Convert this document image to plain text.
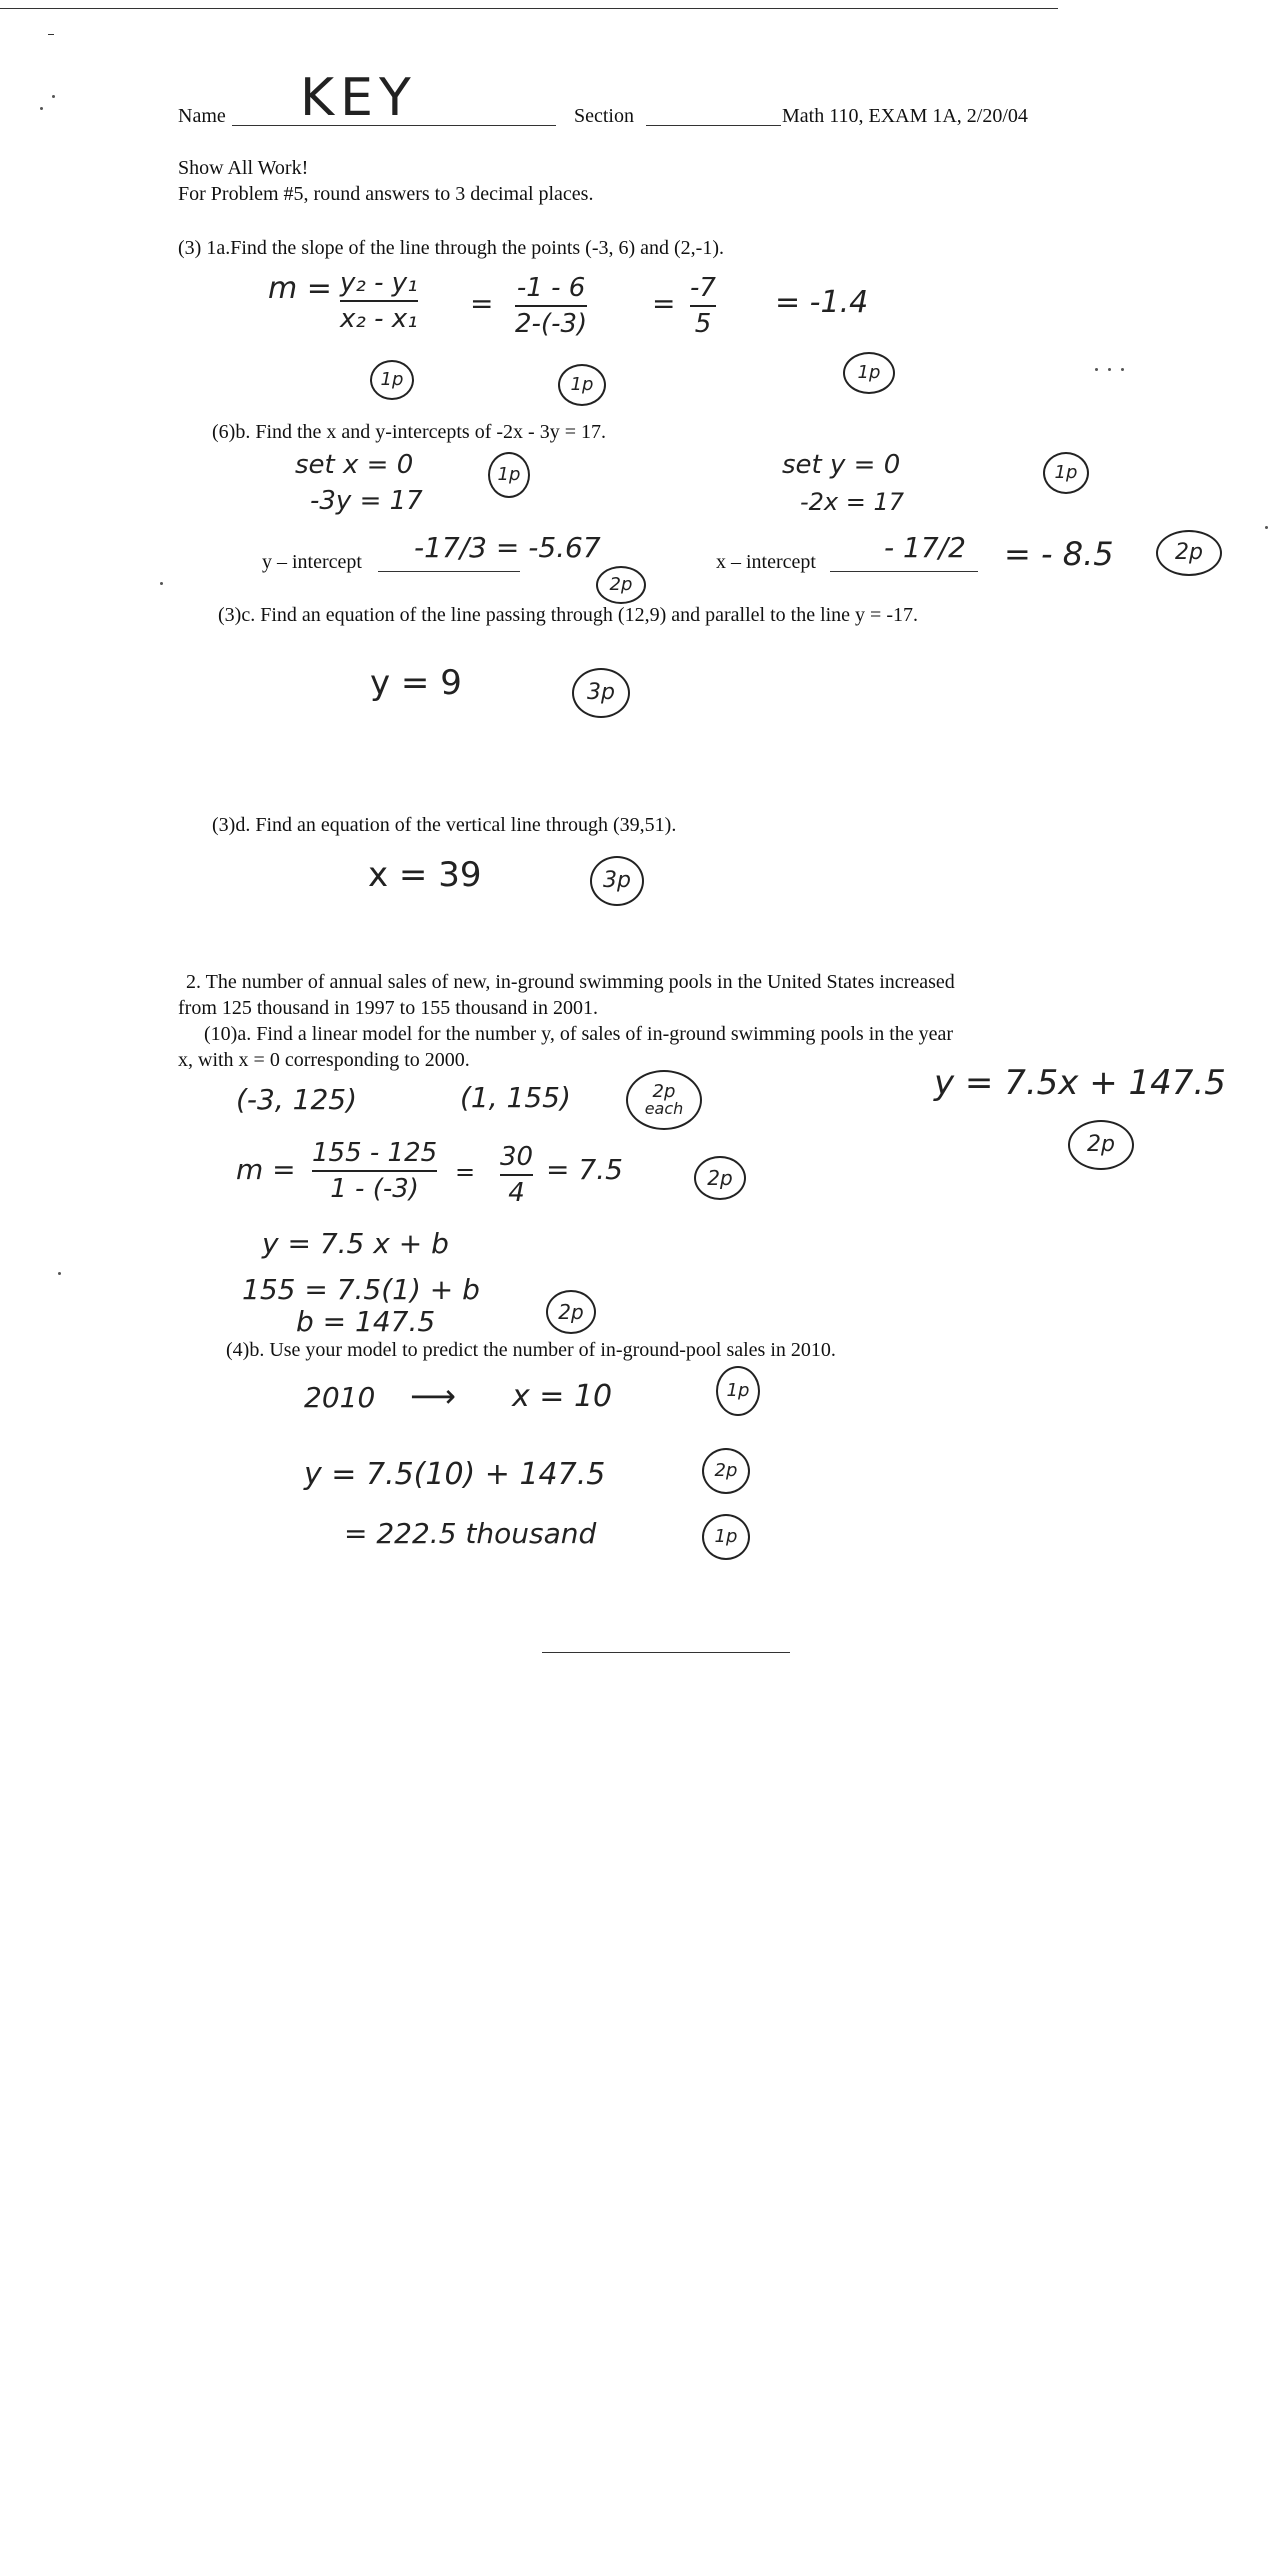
Name KEY	Section	Math 110, EXAM 1A, 2/20/04
Show All Work!
For Problem #5, round answers to 3 decimal places.
(3) 1a.Find the slope of the line through the points (-3, 6) and (2,-1).
m = y₂ - y₁
x₂ - x₁ = -1 - 6
2-(-3)
= -7
5
= -1.4
1p	1p
1p
(6)b. Find the x and y-intercepts of -2x - 3y = 17.
set x = 0
-3y = 17
1p	set y = 0
-2x = 17
1p
y – intercept -17/3 = -5.67
2p
x – intercept - 17/2 = - 8.5	2p
(3)c. Find an equation of the line passing through (12,9) and parallel to the line y = -17.
y = 9	3p
(3)d. Find an equation of the vertical line through (39,51).
x = 39	3p
2. The number of annual sales of new, in-ground swimming pools in the United States increased
from 125 thousand in 1997 to 155 thousand in 2001.
(10)a. Find a linear model for the number y, of sales of in-ground swimming pools in the year
x, with x = 0 corresponding to 2000.
(-3, 125)	(1, 155)	2p
each
m = 155 - 125
1 - (-3)
= 30
4
= 7.5	2p
y = 7.5 x + b
155 = 7.5(1) + b
b = 147.5	2p
y = 7.5x + 147.5
2p
(4)b. Use your model to predict the number of in-ground-pool sales in 2010.
2010 ⟶ x = 10	1p
y = 7.5(10) + 147.5	2p
= 222.5 thousand	1p
